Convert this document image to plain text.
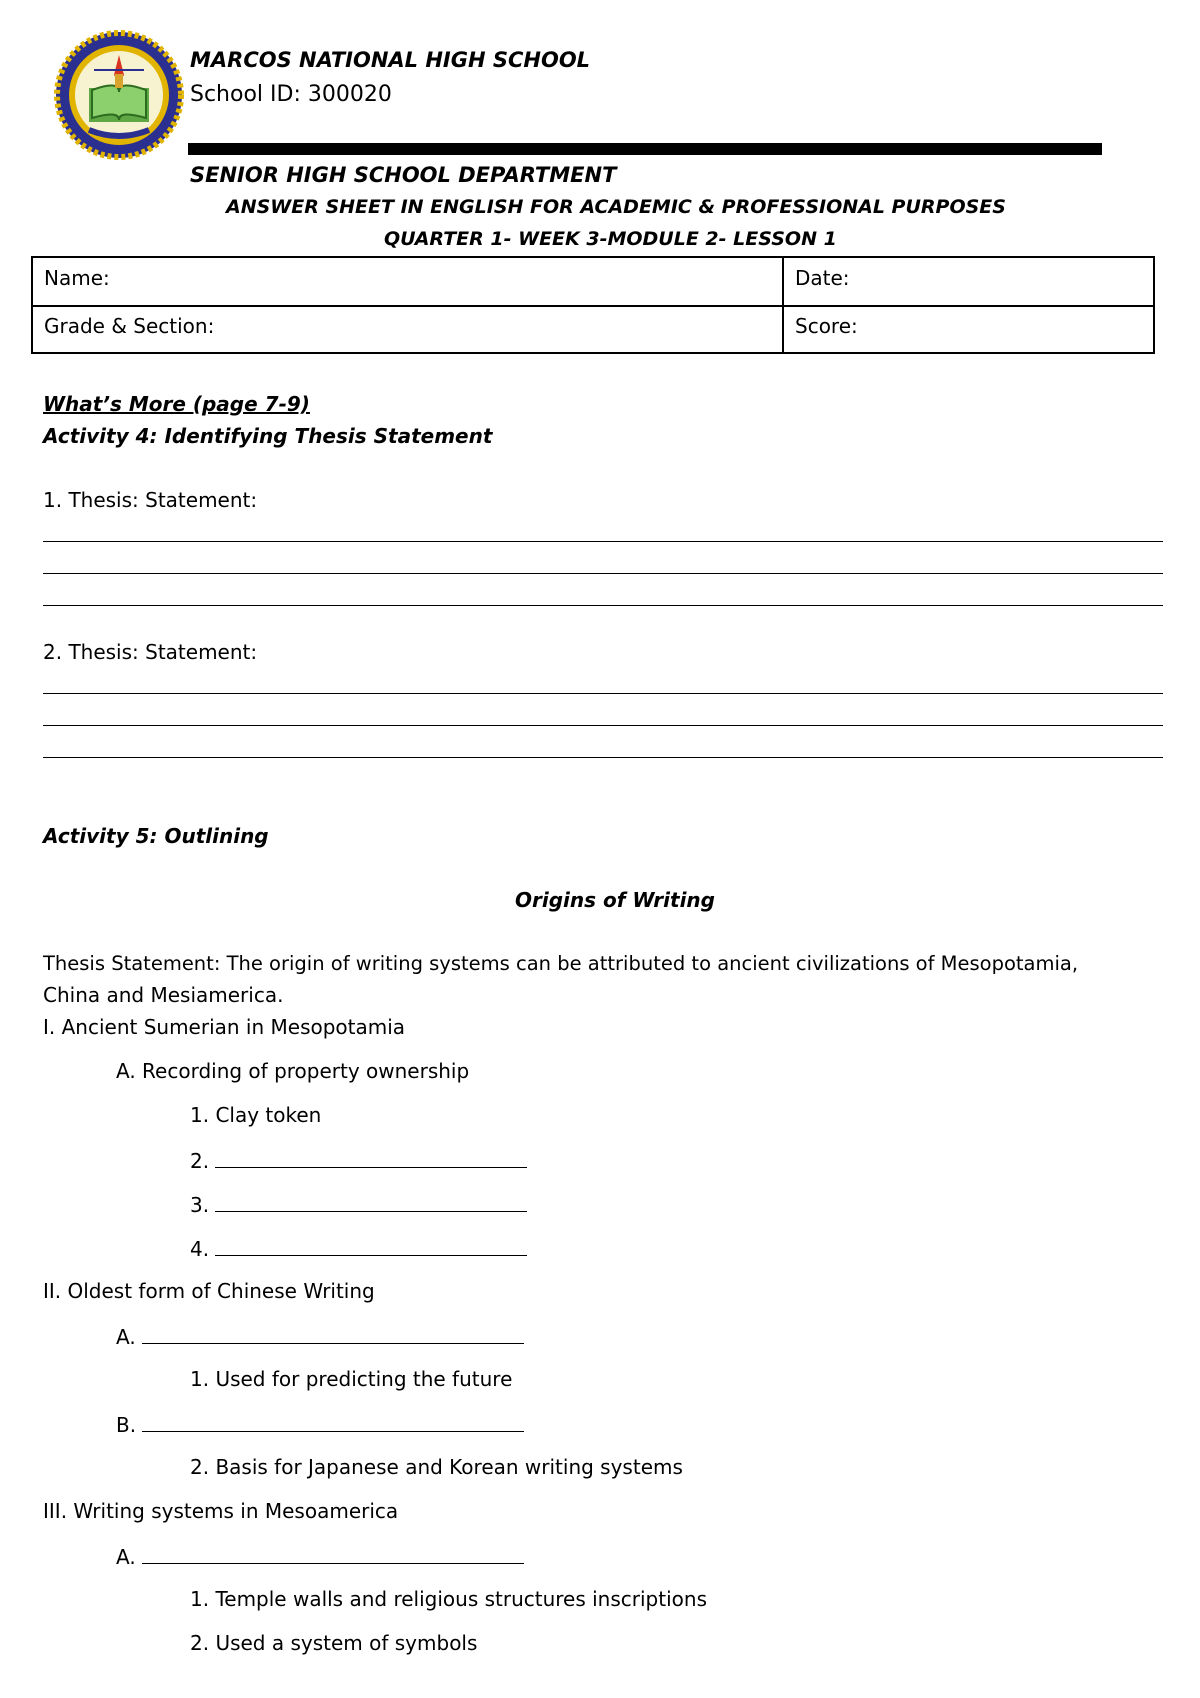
MARCOS NATIONAL HIGH SCHOOL
School ID: 300020
SENIOR HIGH SCHOOL DEPARTMENT
ANSWER SHEET IN ENGLISH FOR ACADEMIC & PROFESSIONAL PURPOSES
QUARTER 1- WEEK 3-MODULE 2- LESSON 1
Name:	Date:
Grade & Section:	Score:
What’s More (page 7-9)
Activity 4: Identifying Thesis Statement
1. Thesis: Statement:
2. Thesis: Statement:
Activity 5: Outlining
Origins of Writing
Thesis Statement: The origin of writing systems can be attributed to ancient civilizations of Mesopotamia,
China and Mesiamerica.
I. Ancient Sumerian in Mesopotamia
A. Recording of property ownership
1. Clay token
2.
3.
4.
II. Oldest form of Chinese Writing
A.
1. Used for predicting the future
B.
2. Basis for Japanese and Korean writing systems
III. Writing systems in Mesoamerica
A.
1. Temple walls and religious structures inscriptions
2. Used a system of symbols
